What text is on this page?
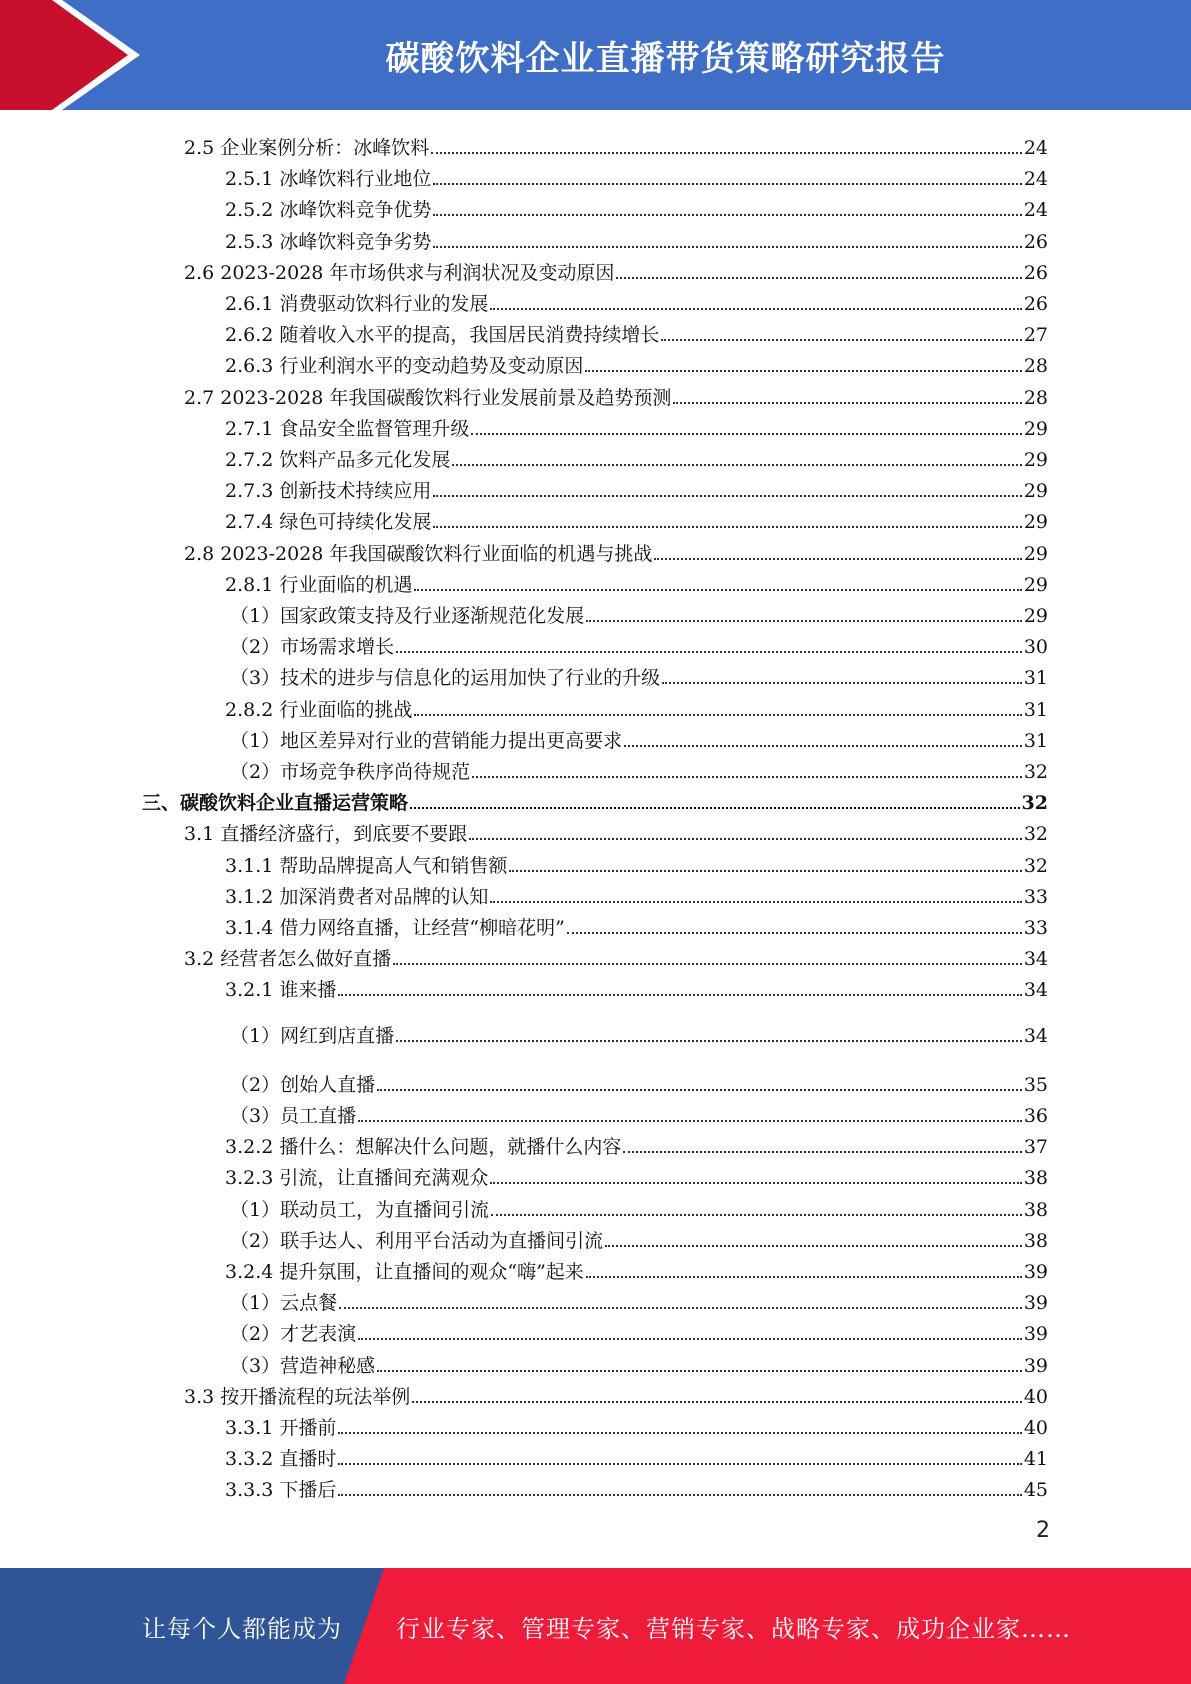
碳酸饮料企业直播带货策略研究报告
2.5 企业案例分析：冰峰饮料	24
2.5.1 冰峰饮料行业地位	24
2.5.2 冰峰饮料竞争优势	24
2.5.3 冰峰饮料竞争劣势	26
2.6 2023-2028 年市场供求与利润状况及变动原因	26
2.6.1 消费驱动饮料行业的发展	26
2.6.2 随着收入水平的提高，我国居民消费持续增长	27
2.6.3 行业利润水平的变动趋势及变动原因	28
2.7 2023-2028 年我国碳酸饮料行业发展前景及趋势预测	28
2.7.1 食品安全监督管理升级	29
2.7.2 饮料产品多元化发展	29
2.7.3 创新技术持续应用	29
2.7.4 绿色可持续化发展	29
2.8 2023-2028 年我国碳酸饮料行业面临的机遇与挑战	29
2.8.1 行业面临的机遇	29
（1）国家政策支持及行业逐渐规范化发展	29
（2）市场需求增长	30
（3）技术的进步与信息化的运用加快了行业的升级	31
2.8.2 行业面临的挑战	31
（1）地区差异对行业的营销能力提出更高要求	31
（2）市场竞争秩序尚待规范	32
三、碳酸饮料企业直播运营策略	32
3.1 直播经济盛行，到底要不要跟	32
3.1.1 帮助品牌提高人气和销售额	32
3.1.2 加深消费者对品牌的认知	33
3.1.4 借力网络直播，让经营“柳暗花明”	33
3.2 经营者怎么做好直播	34
3.2.1 谁来播	34
（1）网红到店直播	34
（2）创始人直播	35
（3）员工直播	36
3.2.2 播什么：想解决什么问题，就播什么内容	37
3.2.3 引流，让直播间充满观众	38
（1）联动员工，为直播间引流	38
（2）联手达人、利用平台活动为直播间引流	38
3.2.4 提升氛围，让直播间的观众“嗨”起来	39
（1）云点餐	39
（2）才艺表演	39
（3）营造神秘感	39
3.3 按开播流程的玩法举例	40
3.3.1 开播前	40
3.3.2 直播时	41
3.3.3 下播后	45
2
让每个人都能成为 行业专家、管理专家、营销专家、战略专家、成功企业家……
